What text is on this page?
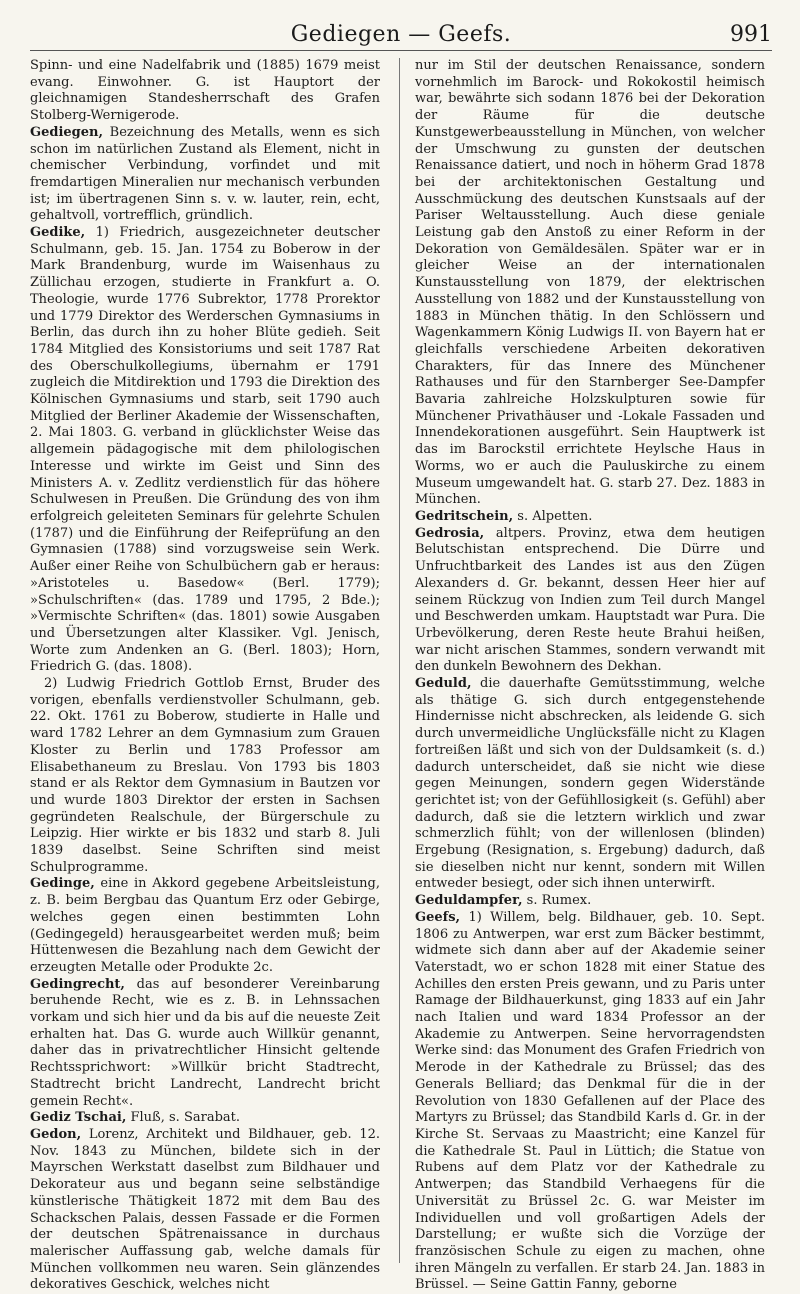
Gediegen — Geefs.	991

Spinn- und eine Nadelfabrik und (1885) 1679 meist evang. Einwohner. G. ist Hauptort der gleichnamigen Standesherrschaft des Grafen Stolberg-Wernigerode.

Gediegen, Bezeichnung des Metalls, wenn es sich schon im natürlichen Zustand als Element, nicht in chemischer Verbindung, vorfindet und mit fremdartigen Mineralien nur mechanisch verbunden ist; im übertragenen Sinn s. v. w. lauter, rein, echt, gehaltvoll, vortrefflich, gründlich.

Gedike, 1) Friedrich, ausgezeichneter deutscher Schulmann, geb. 15. Jan. 1754 zu Boberow in der Mark Brandenburg, wurde im Waisenhaus zu Züllichau erzogen, studierte in Frankfurt a. O. Theologie, wurde 1776 Subrektor, 1778 Prorektor und 1779 Direktor des Werderschen Gymnasiums in Berlin, das durch ihn zu hoher Blüte gedieh. Seit 1784 Mitglied des Konsistoriums und seit 1787 Rat des Oberschulkollegiums, übernahm er 1791 zugleich die Mitdirektion und 1793 die Direktion des Kölnischen Gymnasiums und starb, seit 1790 auch Mitglied der Berliner Akademie der Wissenschaften, 2. Mai 1803. G. verband in glücklichster Weise das allgemein pädagogische mit dem philologischen Interesse und wirkte im Geist und Sinn des Ministers A. v. Zedlitz verdienstlich für das höhere Schulwesen in Preußen. Die Gründung des von ihm erfolgreich geleiteten Seminars für gelehrte Schulen (1787) und die Einführung der Reifeprüfung an den Gymnasien (1788) sind vorzugsweise sein Werk. Außer einer Reihe von Schulbüchern gab er heraus: »Aristoteles u. Basedow« (Berl. 1779); »Schulschriften« (das. 1789 und 1795, 2 Bde.); »Vermischte Schriften« (das. 1801) sowie Ausgaben und Übersetzungen alter Klassiker. Vgl. Jenisch, Worte zum Andenken an G. (Berl. 1803); Horn, Friedrich G. (das. 1808).

2) Ludwig Friedrich Gottlob Ernst, Bruder des vorigen, ebenfalls verdienstvoller Schulmann, geb. 22. Okt. 1761 zu Boberow, studierte in Halle und ward 1782 Lehrer an dem Gymnasium zum Grauen Kloster zu Berlin und 1783 Professor am Elisabethaneum zu Breslau. Von 1793 bis 1803 stand er als Rektor dem Gymnasium in Bautzen vor und wurde 1803 Direktor der ersten in Sachsen gegründeten Realschule, der Bürgerschule zu Leipzig. Hier wirkte er bis 1832 und starb 8. Juli 1839 daselbst. Seine Schriften sind meist Schulprogramme.

Gedinge, eine in Akkord gegebene Arbeitsleistung, z. B. beim Bergbau das Quantum Erz oder Gebirge, welches gegen einen bestimmten Lohn (Gedingegeld) herausgearbeitet werden muß; beim Hüttenwesen die Bezahlung nach dem Gewicht der erzeugten Metalle oder Produkte 2c.

Gedingrecht, das auf besonderer Vereinbarung beruhende Recht, wie es z. B. in Lehnssachen vorkam und sich hier und da bis auf die neueste Zeit erhalten hat. Das G. wurde auch Willkür genannt, daher das in privatrechtlicher Hinsicht geltende Rechtssprichwort: »Willkür bricht Stadtrecht, Stadtrecht bricht Landrecht, Landrecht bricht gemein Recht«.

Gediz Tschai, Fluß, s. Sarabat.

Gedon, Lorenz, Architekt und Bildhauer, geb. 12. Nov. 1843 zu München, bildete sich in der Mayrschen Werkstatt daselbst zum Bildhauer und Dekorateur aus und begann seine selbständige künstlerische Thätigkeit 1872 mit dem Bau des Schackschen Palais, dessen Fassade er die Formen der deutschen Spätrenaissance in durchaus malerischer Auffassung gab, welche damals für München vollkommen neu waren. Sein glänzendes dekoratives Geschick, welches nicht

nur im Stil der deutschen Renaissance, sondern vornehmlich im Barock- und Rokokostil heimisch war, bewährte sich sodann 1876 bei der Dekoration der Räume für die deutsche Kunstgewerbeausstellung in München, von welcher der Umschwung zu gunsten der deutschen Renaissance datiert, und noch in höherm Grad 1878 bei der architektonischen Gestaltung und Ausschmückung des deutschen Kunstsaals auf der Pariser Weltausstellung. Auch diese geniale Leistung gab den Anstoß zu einer Reform in der Dekoration von Gemäldesälen. Später war er in gleicher Weise an der internationalen Kunstausstellung von 1879, der elektrischen Ausstellung von 1882 und der Kunstausstellung von 1883 in München thätig. In den Schlössern und Wagenkammern König Ludwigs II. von Bayern hat er gleichfalls verschiedene Arbeiten dekorativen Charakters, für das Innere des Münchener Rathauses und für den Starnberger See-Dampfer Bavaria zahlreiche Holzskulpturen sowie für Münchener Privathäuser und -Lokale Fassaden und Innendekorationen ausgeführt. Sein Hauptwerk ist das im Barockstil errichtete Heylsche Haus in Worms, wo er auch die Pauluskirche zu einem Museum umgewandelt hat. G. starb 27. Dez. 1883 in München.

Gedritschein, s. Alpetten.

Gedrosia, altpers. Provinz, etwa dem heutigen Belutschistan entsprechend. Die Dürre und Unfruchtbarkeit des Landes ist aus den Zügen Alexanders d. Gr. bekannt, dessen Heer hier auf seinem Rückzug von Indien zum Teil durch Mangel und Beschwerden umkam. Hauptstadt war Pura. Die Urbevölkerung, deren Reste heute Brahui heißen, war nicht arischen Stammes, sondern verwandt mit den dunkeln Bewohnern des Dekhan.

Geduld, die dauerhafte Gemütsstimmung, welche als thätige G. sich durch entgegenstehende Hindernisse nicht abschrecken, als leidende G. sich durch unvermeidliche Unglücksfälle nicht zu Klagen fortreißen läßt und sich von der Duldsamkeit (s. d.) dadurch unterscheidet, daß sie nicht wie diese gegen Meinungen, sondern gegen Widerstände gerichtet ist; von der Gefühllosigkeit (s. Gefühl) aber dadurch, daß sie die letztern wirklich und zwar schmerzlich fühlt; von der willenlosen (blinden) Ergebung (Resignation, s. Ergebung) dadurch, daß sie dieselben nicht nur kennt, sondern mit Willen entweder besiegt, oder sich ihnen unterwirft.

Geduldampfer, s. Rumex.

Geefs, 1) Willem, belg. Bildhauer, geb. 10. Sept. 1806 zu Antwerpen, war erst zum Bäcker bestimmt, widmete sich dann aber auf der Akademie seiner Vaterstadt, wo er schon 1828 mit einer Statue des Achilles den ersten Preis gewann, und zu Paris unter Ramage der Bildhauerkunst, ging 1833 auf ein Jahr nach Italien und ward 1834 Professor an der Akademie zu Antwerpen. Seine hervorragendsten Werke sind: das Monument des Grafen Friedrich von Merode in der Kathedrale zu Brüssel; das des Generals Belliard; das Denkmal für die in der Revolution von 1830 Gefallenen auf der Place des Martyrs zu Brüssel; das Standbild Karls d. Gr. in der Kirche St. Servaas zu Maastricht; eine Kanzel für die Kathedrale St. Paul in Lüttich; die Statue von Rubens auf dem Platz vor der Kathedrale zu Antwerpen; das Standbild Verhaegens für die Universität zu Brüssel 2c. G. war Meister im Individuellen und voll großartigen Adels der Darstellung; er wußte sich die Vorzüge der französischen Schule zu eigen zu machen, ohne ihren Mängeln zu verfallen. Er starb 24. Jan. 1883 in Brüssel. — Seine Gattin Fanny, geborne
